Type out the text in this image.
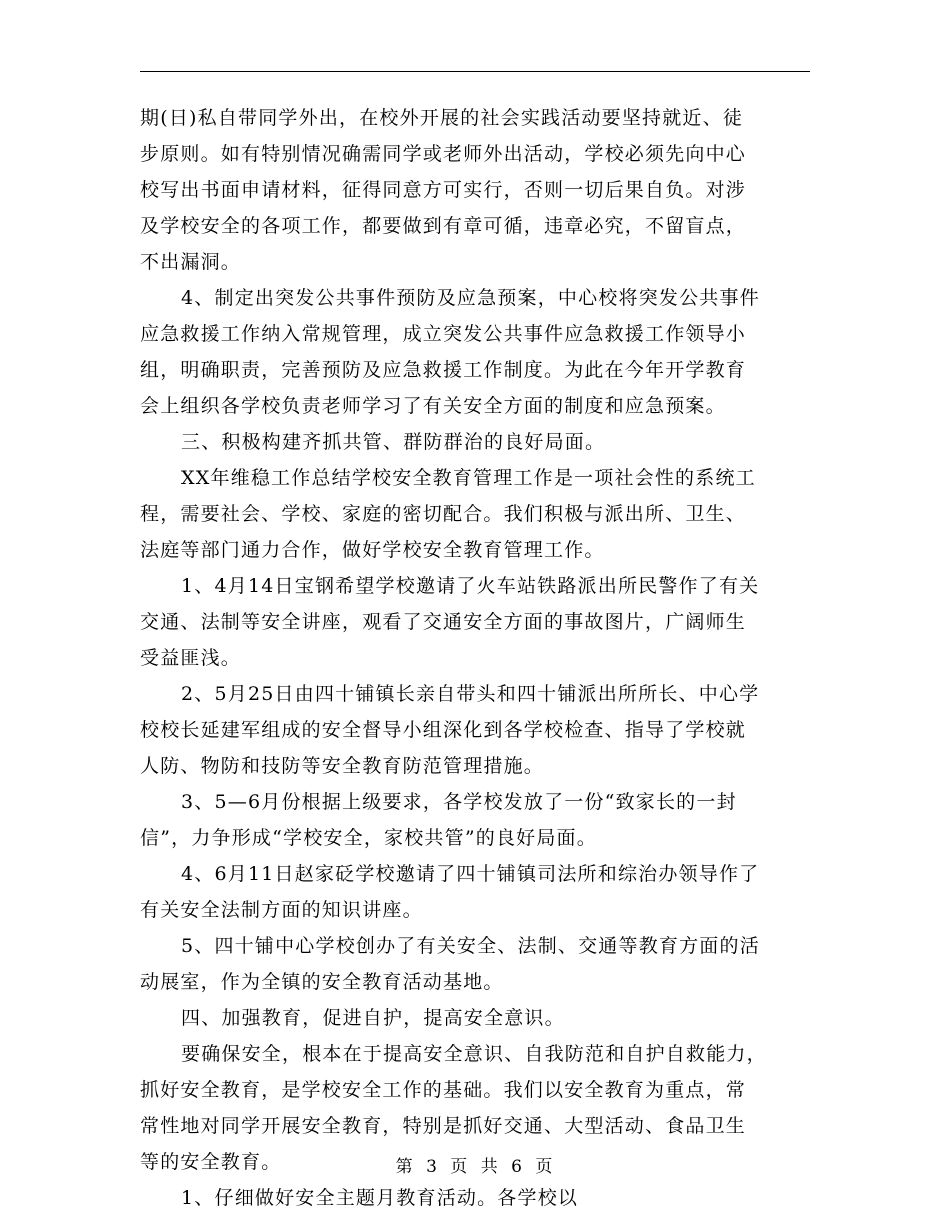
期(日)私自带同学外出，在校外开展的社会实践活动要坚持就近、徒
步原则。如有特别情况确需同学或老师外出活动，学校必须先向中心
校写出书面申请材料，征得同意方可实行，否则一切后果自负。对涉
及学校安全的各项工作，都要做到有章可循，违章必究，不留盲点，
不出漏洞。
4、制定出突发公共事件预防及应急预案，中心校将突发公共事件
应急救援工作纳入常规管理，成立突发公共事件应急救援工作领导小
组，明确职责，完善预防及应急救援工作制度。为此在今年开学教育
会上组织各学校负责老师学习了有关安全方面的制度和应急预案。
三、积极构建齐抓共管、群防群治的良好局面。
XX年维稳工作总结学校安全教育管理工作是一项社会性的系统工
程，需要社会、学校、家庭的密切配合。我们积极与派出所、卫生、
法庭等部门通力合作，做好学校安全教育管理工作。
1、4月14日宝钢希望学校邀请了火车站铁路派出所民警作了有关
交通、法制等安全讲座，观看了交通安全方面的事故图片，广阔师生
受益匪浅。
2、5月25日由四十铺镇长亲自带头和四十铺派出所所长、中心学
校校长延建军组成的安全督导小组深化到各学校检查、指导了学校就
人防、物防和技防等安全教育防范管理措施。
3、5—6月份根据上级要求，各学校发放了一份“致家长的一封
信”，力争形成“学校安全，家校共管”的良好局面。
4、6月11日赵家砭学校邀请了四十铺镇司法所和综治办领导作了
有关安全法制方面的知识讲座。
5、四十铺中心学校创办了有关安全、法制、交通等教育方面的活
动展室，作为全镇的安全教育活动基地。
四、加强教育，促进自护，提高安全意识。
要确保安全，根本在于提高安全意识、自我防范和自护自救能力，
抓好安全教育，是学校安全工作的基础。我们以安全教育为重点，常
常性地对同学开展安全教育，特别是抓好交通、大型活动、食品卫生
等的安全教育。
1、仔细做好安全主题月教育活动。各学校以
第 3 页 共 6 页
